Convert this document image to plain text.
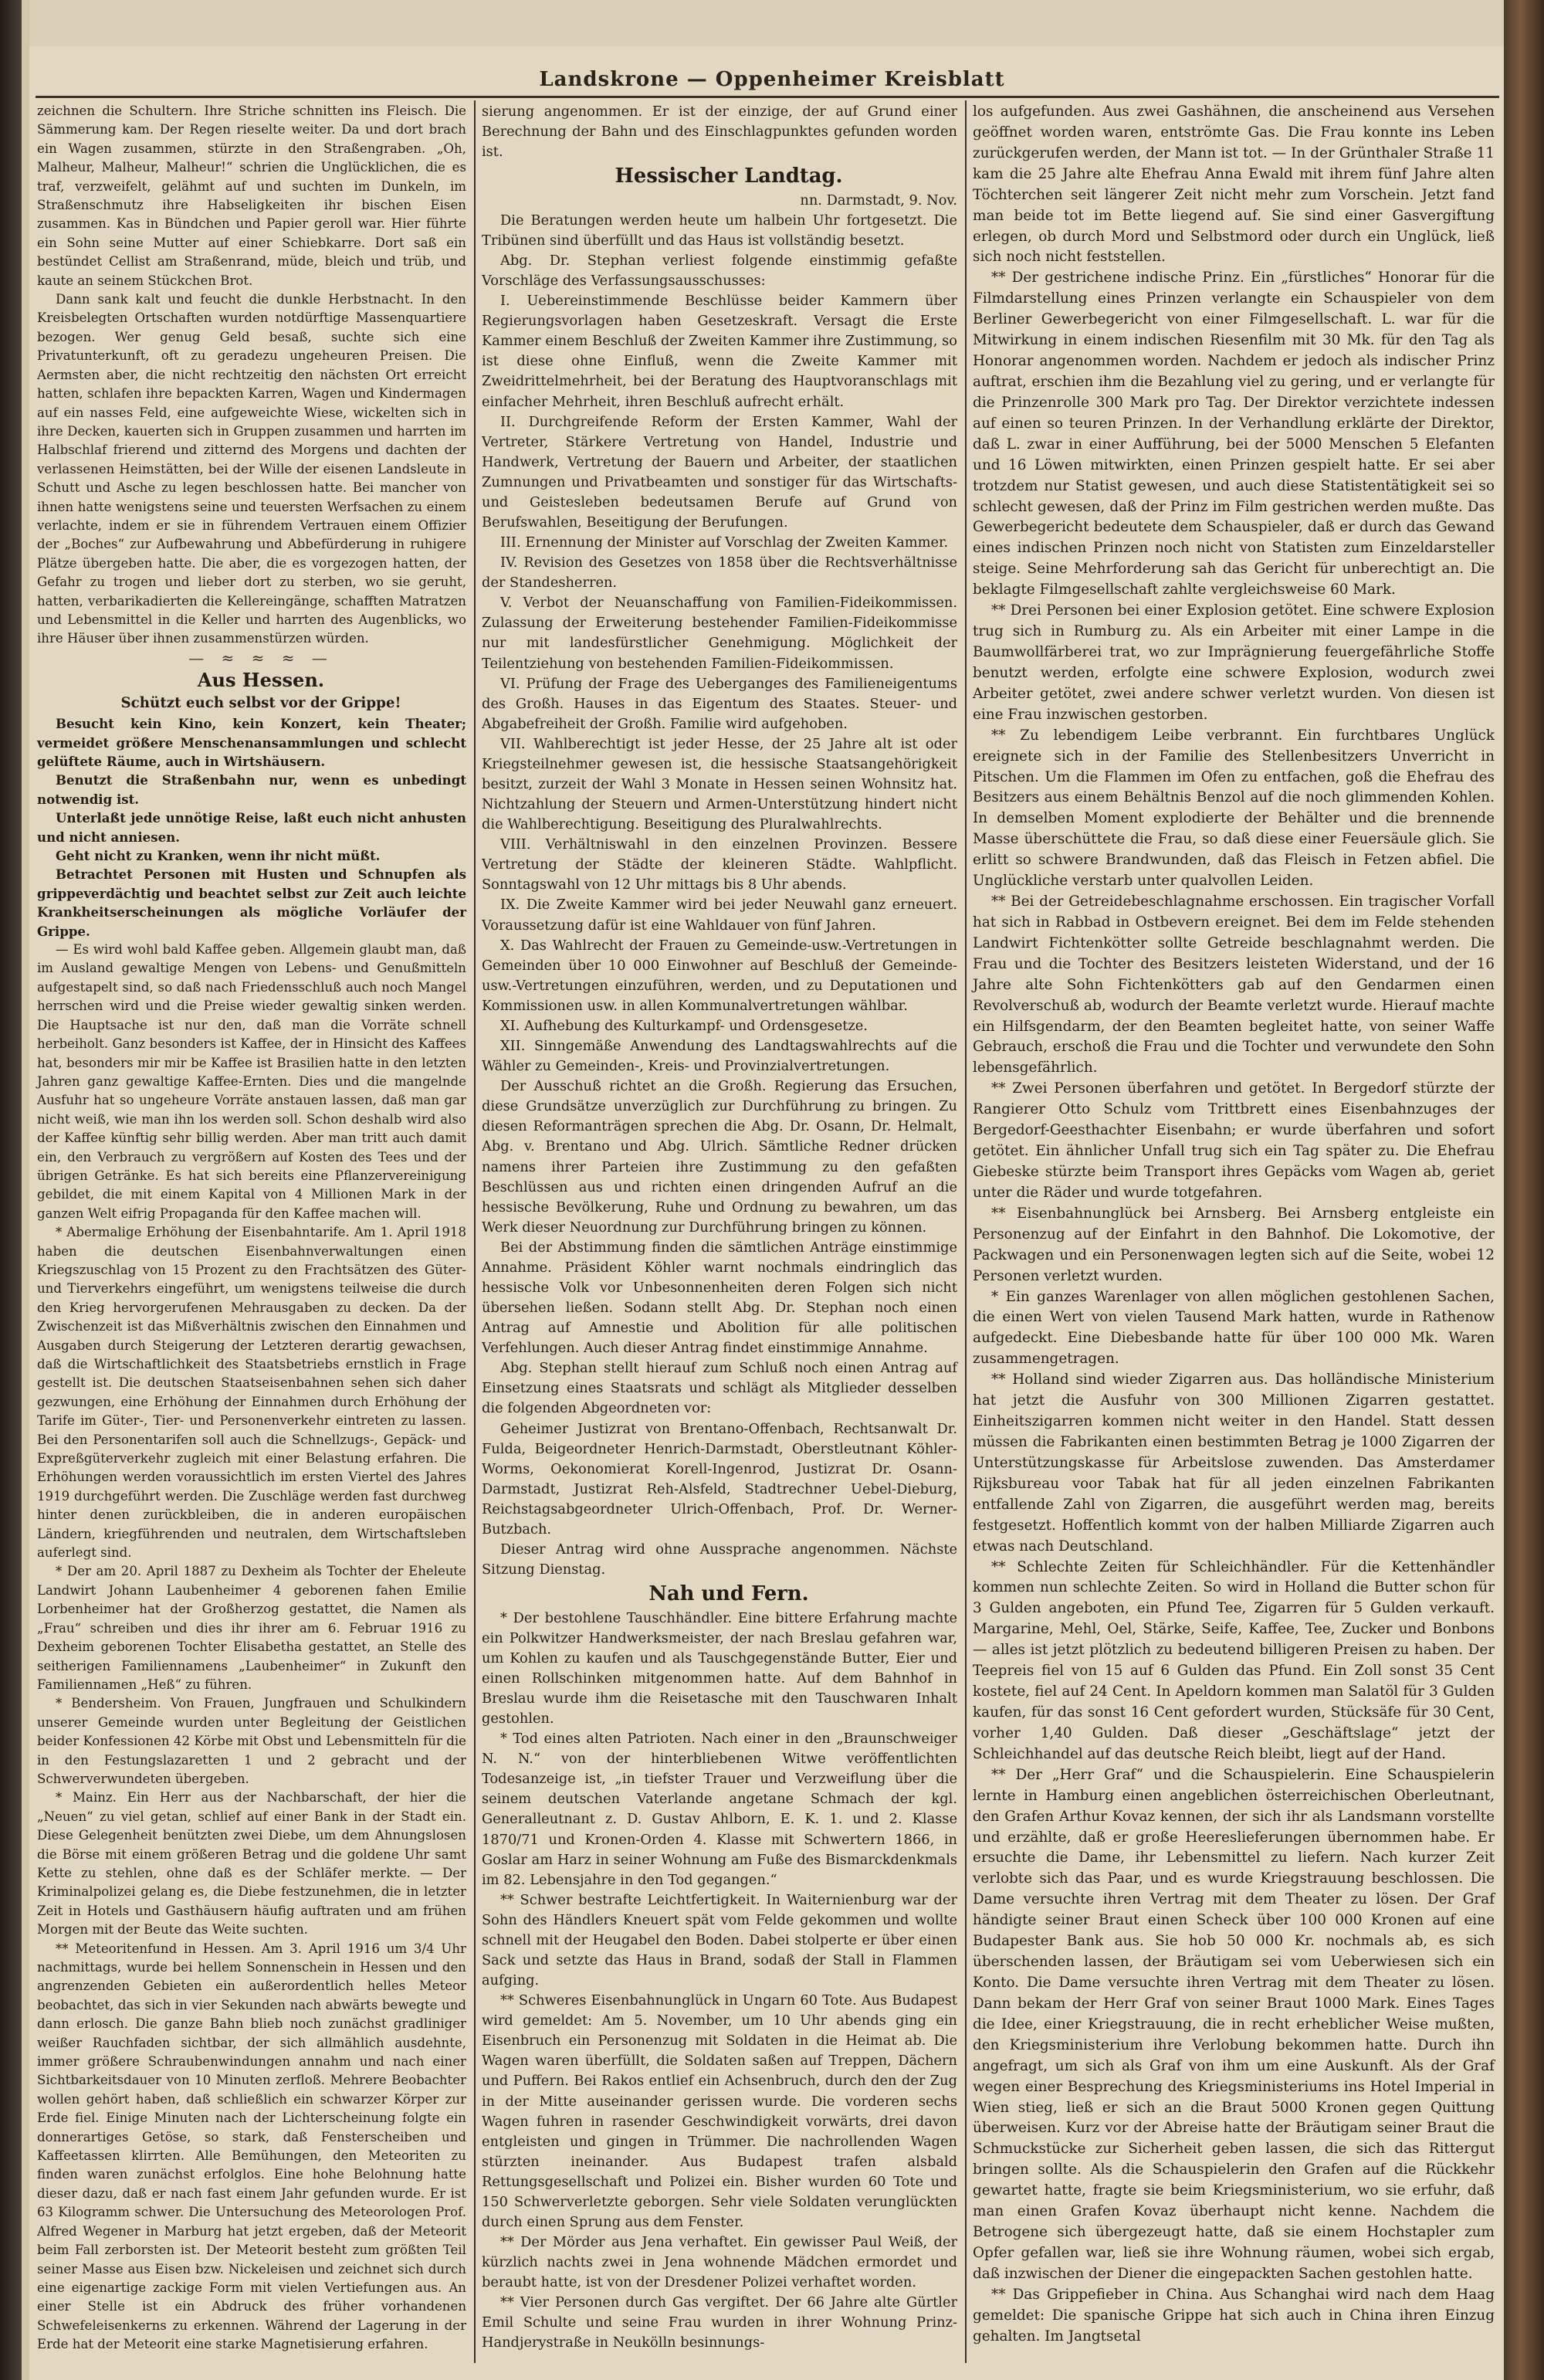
Landskrone — Oppenheimer Kreisblatt

zeichnen die Schultern. Ihre Striche schnitten ins Fleisch. Die Sämmerung kam. Der Regen rieselte weiter. Da und dort brach ein Wagen zusammen, stürzte in den Straßengraben. „Oh, Malheur, Malheur, Malheur!“ schrien die Unglücklichen, die es traf, verzweifelt, gelähmt auf und suchten im Dunkeln, im Straßenschmutz ihre Habseligkeiten ihr bischen Eisen zusammen. Kas in Bündchen und Papier geroll war. Hier führte ein Sohn seine Mutter auf einer Schiebkarre. Dort saß ein bestündet Cellist am Straßenrand, müde, bleich und trüb, und kaute an seinem Stückchen Brot.

Dann sank kalt und feucht die dunkle Herbstnacht. In den Kreisbelegten Ortschaften wurden notdürftige Massenquartiere bezogen. Wer genug Geld besaß, suchte sich eine Privatunterkunft, oft zu geradezu ungeheuren Preisen. Die Aermsten aber, die nicht rechtzeitig den nächsten Ort erreicht hatten, schlafen ihre bepackten Karren, Wagen und Kindermagen auf ein nasses Feld, eine aufgeweichte Wiese, wickelten sich in ihre Decken, kauerten sich in Gruppen zusammen und harrten im Halbschlaf frierend und zitternd des Morgens und dachten der verlassenen Heimstätten, bei der Wille der eisenen Landsleute in Schutt und Asche zu legen beschlossen hatte. Bei mancher von ihnen hatte wenigstens seine und teuersten Werfsachen zu einem verlachte, indem er sie in führendem Vertrauen einem Offizier der „Boches“ zur Aufbewahrung und Abbefürderung in ruhigere Plätze übergeben hatte. Die aber, die es vorgezogen hatten, der Gefahr zu trogen und lieber dort zu sterben, wo sie geruht, hatten, verbarikadierten die Kellereingänge, schafften Matratzen und Lebensmittel in die Keller und harrten des Augenblicks, wo ihre Häuser über ihnen zusammenstürzen würden.

— ≈ ≈ ≈ —

Aus Hessen.

Schützt euch selbst vor der Grippe!

Besucht kein Kino, kein Konzert, kein Theater; vermeidet größere Menschenansammlungen und schlecht gelüftete Räume, auch in Wirtshäusern.

Benutzt die Straßenbahn nur, wenn es unbedingt notwendig ist.

Unterlaßt jede unnötige Reise, laßt euch nicht anhusten und nicht anniesen.

Geht nicht zu Kranken, wenn ihr nicht müßt.

Betrachtet Personen mit Husten und Schnupfen als grippeverdächtig und beachtet selbst zur Zeit auch leichte Krankheitserscheinungen als mögliche Vorläufer der Grippe.

— Es wird wohl bald Kaffee geben. Allgemein glaubt man, daß im Ausland gewaltige Mengen von Lebens- und Genußmitteln aufgestapelt sind, so daß nach Friedensschluß auch noch Mangel herrschen wird und die Preise wieder gewaltig sinken werden. Die Hauptsache ist nur den, daß man die Vorräte schnell herbeiholt. Ganz besonders ist Kaffee, der in Hinsicht des Kaffees hat, besonders mir mir be Kaffee ist Brasilien hatte in den letzten Jahren ganz gewaltige Kaffee-Ernten. Dies und die mangelnde Ausfuhr hat so ungeheure Vorräte anstauen lassen, daß man gar nicht weiß, wie man ihn los werden soll. Schon deshalb wird also der Kaffee künftig sehr billig werden. Aber man tritt auch damit ein, den Verbrauch zu vergrößern auf Kosten des Tees und der übrigen Getränke. Es hat sich bereits eine Pflanzervereinigung gebildet, die mit einem Kapital von 4 Millionen Mark in der ganzen Welt eifrig Propaganda für den Kaffee machen will.

* Abermalige Erhöhung der Eisenbahntarife. Am 1. April 1918 haben die deutschen Eisenbahnverwaltungen einen Kriegszuschlag von 15 Prozent zu den Frachtsätzen des Güter- und Tierverkehrs eingeführt, um wenigstens teilweise die durch den Krieg hervorgerufenen Mehrausgaben zu decken. Da der Zwischenzeit ist das Mißverhältnis zwischen den Einnahmen und Ausgaben durch Steigerung der Letzteren derartig gewachsen, daß die Wirtschaftlichkeit des Staatsbetriebs ernstlich in Frage gestellt ist. Die deutschen Staatseisenbahnen sehen sich daher gezwungen, eine Erhöhung der Einnahmen durch Erhöhung der Tarife im Güter-, Tier- und Personenverkehr eintreten zu lassen. Bei den Personentarifen soll auch die Schnellzugs-, Gepäck- und Expreßgüterverkehr zugleich mit einer Belastung erfahren. Die Erhöhungen werden voraussichtlich im ersten Viertel des Jahres 1919 durchgeführt werden. Die Zuschläge werden fast durchweg hinter denen zurückbleiben, die in anderen europäischen Ländern, kriegführenden und neutralen, dem Wirtschaftsleben auferlegt sind.

* Der am 20. April 1887 zu Dexheim als Tochter der Eheleute Landwirt Johann Laubenheimer 4 geborenen fahen Emilie Lorbenheimer hat der Großherzog gestattet, die Namen als „Frau“ schreiben und dies ihr ihrer am 6. Februar 1916 zu Dexheim geborenen Tochter Elisabetha gestattet, an Stelle des seitherigen Familiennamens „Laubenheimer“ in Zukunft den Familiennamen „Heß“ zu führen.

* Bendersheim. Von Frauen, Jungfrauen und Schulkindern unserer Gemeinde wurden unter Begleitung der Geistlichen beider Konfessionen 42 Körbe mit Obst und Lebensmitteln für die in den Festungslazaretten 1 und 2 gebracht und der Schwerverwundeten übergeben.

* Mainz. Ein Herr aus der Nachbarschaft, der hier die „Neuen“ zu viel getan, schlief auf einer Bank in der Stadt ein. Diese Gelegenheit benützten zwei Diebe, um dem Ahnungslosen die Börse mit einem größeren Betrag und die goldene Uhr samt Kette zu stehlen, ohne daß es der Schläfer merkte. — Der Kriminalpolizei gelang es, die Diebe festzunehmen, die in letzter Zeit in Hotels und Gasthäusern häufig auftraten und am frühen Morgen mit der Beute das Weite suchten.

** Meteoritenfund in Hessen. Am 3. April 1916 um 3/4 Uhr nachmittags, wurde bei hellem Sonnenschein in Hessen und den angrenzenden Gebieten ein außerordentlich helles Meteor beobachtet, das sich in vier Sekunden nach abwärts bewegte und dann erlosch. Die ganze Bahn blieb noch zunächst gradliniger weißer Rauchfaden sichtbar, der sich allmählich ausdehnte, immer größere Schraubenwindungen annahm und nach einer Sichtbarkeitsdauer von 10 Minuten zerfloß. Mehrere Beobachter wollen gehört haben, daß schließlich ein schwarzer Körper zur Erde fiel. Einige Minuten nach der Lichterscheinung folgte ein donnerartiges Getöse, so stark, daß Fensterscheiben und Kaffeetassen klirrten. Alle Bemühungen, den Meteoriten zu finden waren zunächst erfolglos. Eine hohe Belohnung hatte dieser dazu, daß er nach fast einem Jahr gefunden wurde. Er ist 63 Kilogramm schwer. Die Untersuchung des Meteorologen Prof. Alfred Wegener in Marburg hat jetzt ergeben, daß der Meteorit beim Fall zerborsten ist. Der Meteorit besteht zum größten Teil seiner Masse aus Eisen bzw. Nickeleisen und zeichnet sich durch eine eigenartige zackige Form mit vielen Vertiefungen aus. An einer Stelle ist ein Abdruck des früher vorhandenen Schwefeleisenkerns zu erkennen. Während der Lagerung in der Erde hat der Meteorit eine starke Magnetisierung erfahren.

sierung angenommen. Er ist der einzige, der auf Grund einer Berechnung der Bahn und des Einschlagpunktes gefunden worden ist.

Hessischer Landtag.

nn. Darmstadt, 9. Nov.

Die Beratungen werden heute um halbein Uhr fortgesetzt. Die Tribünen sind überfüllt und das Haus ist vollständig besetzt.

Abg. Dr. Stephan verliest folgende einstimmig gefaßte Vorschläge des Verfassungsausschusses:

I. Uebereinstimmende Beschlüsse beider Kammern über Regierungsvorlagen haben Gesetzeskraft. Versagt die Erste Kammer einem Beschluß der Zweiten Kammer ihre Zustimmung, so ist diese ohne Einfluß, wenn die Zweite Kammer mit Zweidrittelmehrheit, bei der Beratung des Hauptvoranschlags mit einfacher Mehrheit, ihren Beschluß aufrecht erhält.

II. Durchgreifende Reform der Ersten Kammer, Wahl der Vertreter, Stärkere Vertretung von Handel, Industrie und Handwerk, Vertretung der Bauern und Arbeiter, der staatlichen Zumnungen und Privatbeamten und sonstiger für das Wirtschafts- und Geistesleben bedeutsamen Berufe auf Grund von Berufswahlen, Beseitigung der Berufungen.

III. Ernennung der Minister auf Vorschlag der Zweiten Kammer.

IV. Revision des Gesetzes von 1858 über die Rechtsverhältnisse der Standesherren.

V. Verbot der Neuanschaffung von Familien-Fideikommissen. Zulassung der Erweiterung bestehender Familien-Fideikommisse nur mit landesfürstlicher Genehmigung. Möglichkeit der Teilentziehung von bestehenden Familien-Fideikommissen.

VI. Prüfung der Frage des Ueberganges des Familieneigentums des Großh. Hauses in das Eigentum des Staates. Steuer- und Abgabefreiheit der Großh. Familie wird aufgehoben.

VII. Wahlberechtigt ist jeder Hesse, der 25 Jahre alt ist oder Kriegsteilnehmer gewesen ist, die hessische Staatsangehörigkeit besitzt, zurzeit der Wahl 3 Monate in Hessen seinen Wohnsitz hat. Nichtzahlung der Steuern und Armen-Unterstützung hindert nicht die Wahlberechtigung. Beseitigung des Pluralwahlrechts.

VIII. Verhältniswahl in den einzelnen Provinzen. Bessere Vertretung der Städte der kleineren Städte. Wahlpflicht. Sonntagswahl von 12 Uhr mittags bis 8 Uhr abends.

IX. Die Zweite Kammer wird bei jeder Neuwahl ganz erneuert. Voraussetzung dafür ist eine Wahldauer von fünf Jahren.

X. Das Wahlrecht der Frauen zu Gemeinde-usw.-Vertretungen in Gemeinden über 10 000 Einwohner auf Beschluß der Gemeinde-usw.-Vertretungen einzuführen, werden, und zu Deputationen und Kommissionen usw. in allen Kommunalvertretungen wählbar.

XI. Aufhebung des Kulturkampf- und Ordensgesetze.

XII. Sinngemäße Anwendung des Landtagswahlrechts auf die Wähler zu Gemeinden-, Kreis- und Provinzialvertretungen.

Der Ausschuß richtet an die Großh. Regierung das Ersuchen, diese Grundsätze unverzüglich zur Durchführung zu bringen. Zu diesen Reformanträgen sprechen die Abg. Dr. Osann, Dr. Helmalt, Abg. v. Brentano und Abg. Ulrich. Sämtliche Redner drücken namens ihrer Parteien ihre Zustimmung zu den gefaßten Beschlüssen aus und richten einen dringenden Aufruf an die hessische Bevölkerung, Ruhe und Ordnung zu bewahren, um das Werk dieser Neuordnung zur Durchführung bringen zu können.

Bei der Abstimmung finden die sämtlichen Anträge einstimmige Annahme. Präsident Köhler warnt nochmals eindringlich das hessische Volk vor Unbesonnenheiten deren Folgen sich nicht übersehen ließen. Sodann stellt Abg. Dr. Stephan noch einen Antrag auf Amnestie und Abolition für alle politischen Verfehlungen. Auch dieser Antrag findet einstimmige Annahme.

Abg. Stephan stellt hierauf zum Schluß noch einen Antrag auf Einsetzung eines Staatsrats und schlägt als Mitglieder desselben die folgenden Abgeordneten vor:

Geheimer Justizrat von Brentano-Offenbach, Rechtsanwalt Dr. Fulda, Beigeordneter Henrich-Darmstadt, Oberstleutnant Köhler-Worms, Oekonomierat Korell-Ingenrod, Justizrat Dr. Osann-Darmstadt, Justizrat Reh-Alsfeld, Stadtrechner Uebel-Dieburg, Reichstagsabgeordneter Ulrich-Offenbach, Prof. Dr. Werner-Butzbach.

Dieser Antrag wird ohne Aussprache angenommen. Nächste Sitzung Dienstag.

Nah und Fern.

* Der bestohlene Tauschhändler. Eine bittere Erfahrung machte ein Polkwitzer Handwerksmeister, der nach Breslau gefahren war, um Kohlen zu kaufen und als Tauschgegenstände Butter, Eier und einen Rollschinken mitgenommen hatte. Auf dem Bahnhof in Breslau wurde ihm die Reisetasche mit den Tauschwaren Inhalt gestohlen.

* Tod eines alten Patrioten. Nach einer in den „Braunschweiger N. N.“ von der hinterbliebenen Witwe veröffentlichten Todesanzeige ist, „in tiefster Trauer und Verzweiflung über die seinem deutschen Vaterlande angetane Schmach der kgl. Generalleutnant z. D. Gustav Ahlborn, E. K. 1. und 2. Klasse 1870/71 und Kronen-Orden 4. Klasse mit Schwertern 1866, in Goslar am Harz in seiner Wohnung am Fuße des Bismarckdenkmals im 82. Lebensjahre in den Tod gegangen.“

** Schwer bestrafte Leichtfertigkeit. In Waiternienburg war der Sohn des Händlers Kneuert spät vom Felde gekommen und wollte schnell mit der Heugabel den Boden. Dabei stolperte er über einen Sack und setzte das Haus in Brand, sodaß der Stall in Flammen aufging.

** Schweres Eisenbahnunglück in Ungarn 60 Tote. Aus Budapest wird gemeldet: Am 5. November, um 10 Uhr abends ging ein Eisenbruch ein Personenzug mit Soldaten in die Heimat ab. Die Wagen waren überfüllt, die Soldaten saßen auf Treppen, Dächern und Puffern. Bei Rakos entlief ein Achsenbruch, durch den der Zug in der Mitte auseinander gerissen wurde. Die vorderen sechs Wagen fuhren in rasender Geschwindigkeit vorwärts, drei davon entgleisten und gingen in Trümmer. Die nachrollenden Wagen stürzten ineinander. Aus Budapest trafen alsbald Rettungsgesellschaft und Polizei ein. Bisher wurden 60 Tote und 150 Schwerverletzte geborgen. Sehr viele Soldaten verunglückten durch einen Sprung aus dem Fenster.

** Der Mörder aus Jena verhaftet. Ein gewisser Paul Weiß, der kürzlich nachts zwei in Jena wohnende Mädchen ermordet und beraubt hatte, ist von der Dresdener Polizei verhaftet worden.

** Vier Personen durch Gas vergiftet. Der 66 Jahre alte Gürtler Emil Schulte und seine Frau wurden in ihrer Wohnung Prinz-Handjerystraße in Neukölln besinnungs-

los aufgefunden. Aus zwei Gashähnen, die anscheinend aus Versehen geöffnet worden waren, entströmte Gas. Die Frau konnte ins Leben zurückgerufen werden, der Mann ist tot. — In der Grünthaler Straße 11 kam die 25 Jahre alte Ehefrau Anna Ewald mit ihrem fünf Jahre alten Töchterchen seit längerer Zeit nicht mehr zum Vorschein. Jetzt fand man beide tot im Bette liegend auf. Sie sind einer Gasvergiftung erlegen, ob durch Mord und Selbstmord oder durch ein Unglück, ließ sich noch nicht feststellen.

** Der gestrichene indische Prinz. Ein „fürstliches“ Honorar für die Filmdarstellung eines Prinzen verlangte ein Schauspieler von dem Berliner Gewerbegericht von einer Filmgesellschaft. L. war für die Mitwirkung in einem indischen Riesenfilm mit 30 Mk. für den Tag als Honorar angenommen worden. Nachdem er jedoch als indischer Prinz auftrat, erschien ihm die Bezahlung viel zu gering, und er verlangte für die Prinzenrolle 300 Mark pro Tag. Der Direktor verzichtete indessen auf einen so teuren Prinzen. In der Verhandlung erklärte der Direktor, daß L. zwar in einer Aufführung, bei der 5000 Menschen 5 Elefanten und 16 Löwen mitwirkten, einen Prinzen gespielt hatte. Er sei aber trotzdem nur Statist gewesen, und auch diese Statistentätigkeit sei so schlecht gewesen, daß der Prinz im Film gestrichen werden mußte. Das Gewerbegericht bedeutete dem Schauspieler, daß er durch das Gewand eines indischen Prinzen noch nicht von Statisten zum Einzeldarsteller steige. Seine Mehrforderung sah das Gericht für unberechtigt an. Die beklagte Filmgesellschaft zahlte vergleichsweise 60 Mark.

** Drei Personen bei einer Explosion getötet. Eine schwere Explosion trug sich in Rumburg zu. Als ein Arbeiter mit einer Lampe in die Baumwollfärberei trat, wo zur Imprägnierung feuergefährliche Stoffe benutzt werden, erfolgte eine schwere Explosion, wodurch zwei Arbeiter getötet, zwei andere schwer verletzt wurden. Von diesen ist eine Frau inzwischen gestorben.

** Zu lebendigem Leibe verbrannt. Ein furchtbares Unglück ereignete sich in der Familie des Stellenbesitzers Unverricht in Pitschen. Um die Flammen im Ofen zu entfachen, goß die Ehefrau des Besitzers aus einem Behältnis Benzol auf die noch glimmenden Kohlen. In demselben Moment explodierte der Behälter und die brennende Masse überschüttete die Frau, so daß diese einer Feuersäule glich. Sie erlitt so schwere Brandwunden, daß das Fleisch in Fetzen abfiel. Die Unglückliche verstarb unter qualvollen Leiden.

** Bei der Getreidebeschlagnahme erschossen. Ein tragischer Vorfall hat sich in Rabbad in Ostbevern ereignet. Bei dem im Felde stehenden Landwirt Fichtenkötter sollte Getreide beschlagnahmt werden. Die Frau und die Tochter des Besitzers leisteten Widerstand, und der 16 Jahre alte Sohn Fichtenkötters gab auf den Gendarmen einen Revolverschuß ab, wodurch der Beamte verletzt wurde. Hierauf machte ein Hilfsgendarm, der den Beamten begleitet hatte, von seiner Waffe Gebrauch, erschoß die Frau und die Tochter und verwundete den Sohn lebensgefährlich.

** Zwei Personen überfahren und getötet. In Bergedorf stürzte der Rangierer Otto Schulz vom Trittbrett eines Eisenbahnzuges der Bergedorf-Geesthachter Eisenbahn; er wurde überfahren und sofort getötet. Ein ähnlicher Unfall trug sich ein Tag später zu. Die Ehefrau Giebeske stürzte beim Transport ihres Gepäcks vom Wagen ab, geriet unter die Räder und wurde totgefahren.

** Eisenbahnunglück bei Arnsberg. Bei Arnsberg entgleiste ein Personenzug auf der Einfahrt in den Bahnhof. Die Lokomotive, der Packwagen und ein Personenwagen legten sich auf die Seite, wobei 12 Personen verletzt wurden.

* Ein ganzes Warenlager von allen möglichen gestohlenen Sachen, die einen Wert von vielen Tausend Mark hatten, wurde in Rathenow aufgedeckt. Eine Diebesbande hatte für über 100 000 Mk. Waren zusammengetragen.

** Holland sind wieder Zigarren aus. Das holländische Ministerium hat jetzt die Ausfuhr von 300 Millionen Zigarren gestattet. Einheitszigarren kommen nicht weiter in den Handel. Statt dessen müssen die Fabrikanten einen bestimmten Betrag je 1000 Zigarren der Unterstützungskasse für Arbeitslose zuwenden. Das Amsterdamer Rijksbureau voor Tabak hat für all jeden einzelnen Fabrikanten entfallende Zahl von Zigarren, die ausgeführt werden mag, bereits festgesetzt. Hoffentlich kommt von der halben Milliarde Zigarren auch etwas nach Deutschland.

** Schlechte Zeiten für Schleichhändler. Für die Kettenhändler kommen nun schlechte Zeiten. So wird in Holland die Butter schon für 3 Gulden angeboten, ein Pfund Tee, Zigarren für 5 Gulden verkauft. Margarine, Mehl, Oel, Stärke, Seife, Kaffee, Tee, Zucker und Bonbons — alles ist jetzt plötzlich zu bedeutend billigeren Preisen zu haben. Der Teepreis fiel von 15 auf 6 Gulden das Pfund. Ein Zoll sonst 35 Cent kostete, fiel auf 24 Cent. In Apeldorn kommen man Salatöl für 3 Gulden kaufen, für das sonst 16 Cent gefordert wurden, Stücksäfe für 30 Cent, vorher 1,40 Gulden. Daß dieser „Geschäftslage“ jetzt der Schleichhandel auf das deutsche Reich bleibt, liegt auf der Hand.

** Der „Herr Graf“ und die Schauspielerin. Eine Schauspielerin lernte in Hamburg einen angeblichen österreichischen Oberleutnant, den Grafen Arthur Kovaz kennen, der sich ihr als Landsmann vorstellte und erzählte, daß er große Heereslieferungen übernommen habe. Er ersuchte die Dame, ihr Lebensmittel zu liefern. Nach kurzer Zeit verlobte sich das Paar, und es wurde Kriegstrauung beschlossen. Die Dame versuchte ihren Vertrag mit dem Theater zu lösen. Der Graf händigte seiner Braut einen Scheck über 100 000 Kronen auf eine Budapester Bank aus. Sie hob 50 000 Kr. nochmals ab, es sich überschenden lassen, der Bräutigam sei vom Ueberwiesen sich ein Konto. Die Dame versuchte ihren Vertrag mit dem Theater zu lösen. Dann bekam der Herr Graf von seiner Braut 1000 Mark. Eines Tages die Idee, einer Kriegstrauung, die in recht erheblicher Weise mußten, den Kriegsministerium ihre Verlobung bekommen hatte. Durch ihn angefragt, um sich als Graf von ihm um eine Auskunft. Als der Graf wegen einer Besprechung des Kriegsministeriums ins Hotel Imperial in Wien stieg, ließ er sich an die Braut 5000 Kronen gegen Quittung überweisen. Kurz vor der Abreise hatte der Bräutigam seiner Braut die Schmuckstücke zur Sicherheit geben lassen, die sich das Rittergut bringen sollte. Als die Schauspielerin den Grafen auf die Rückkehr gewartet hatte, fragte sie beim Kriegsministerium, wo sie erfuhr, daß man einen Grafen Kovaz überhaupt nicht kenne. Nachdem die Betrogene sich übergezeugt hatte, daß sie einem Hochstapler zum Opfer gefallen war, ließ sie ihre Wohnung räumen, wobei sich ergab, daß inzwischen der Diener die eingepackten Sachen gestohlen hatte.

** Das Grippefieber in China. Aus Schanghai wird nach dem Haag gemeldet: Die spanische Grippe hat sich auch in China ihren Einzug gehalten. Im Jangtsetal
